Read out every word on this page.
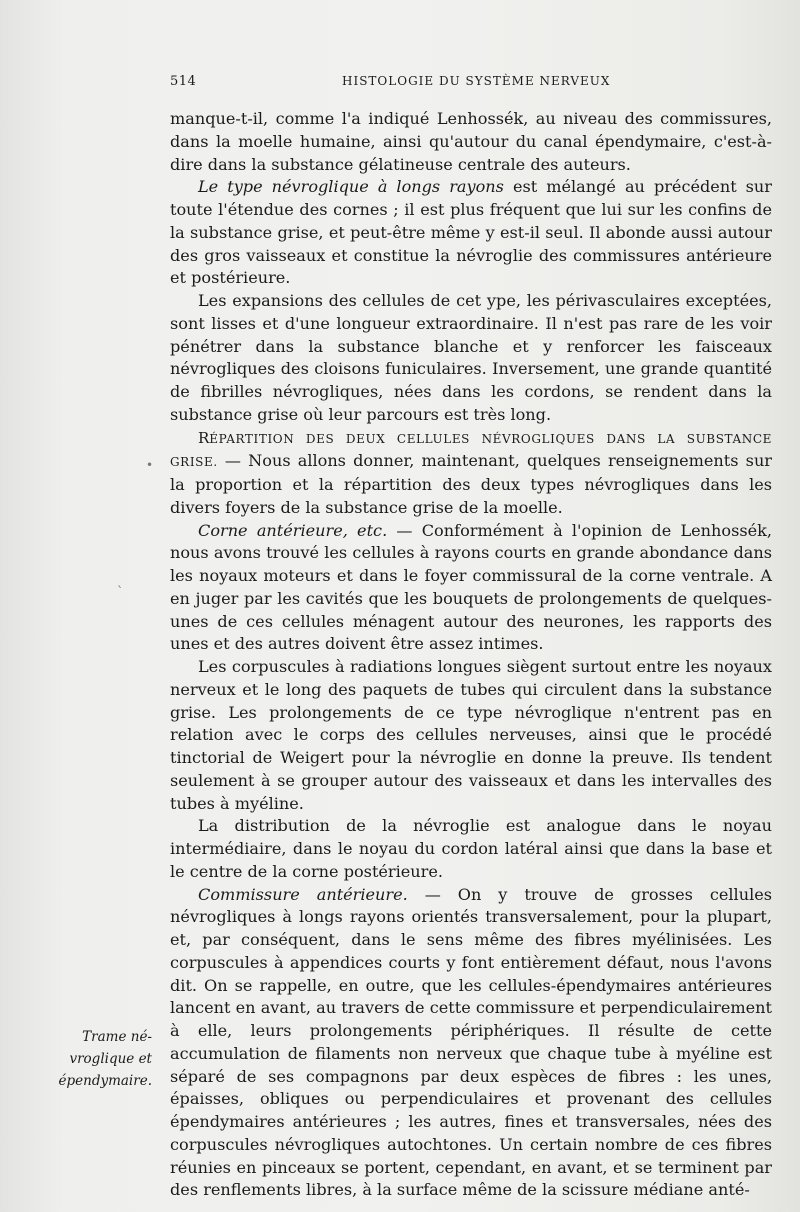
514	HISTOLOGIE DU SYSTÈME NERVEUX
Trame né-
vroglique et
épendymaire.
•
ˋ

manque-t-il, comme l'a indiqué Lenhossék, au niveau des commissures, dans la moelle humaine, ainsi qu'autour du canal épendymaire, c'est-à-dire dans la substance gélatineuse centrale des auteurs.

Le type névroglique à longs rayons est mélangé au précédent sur toute l'étendue des cornes ; il est plus fréquent que lui sur les confins de la substance grise, et peut-être même y est-il seul. Il abonde aussi autour des gros vaisseaux et constitue la névroglie des commissures antérieure et postérieure.

Les expansions des cellules de cet ype, les périvasculaires exceptées, sont lisses et d'une longueur extraordinaire. Il n'est pas rare de les voir pénétrer dans la substance blanche et y renforcer les faisceaux névrogliques des cloisons funiculaires. Inversement, une grande quantité de fibrilles névrogliques, nées dans les cordons, se rendent dans la substance grise où leur parcours est très long.

RÉPARTITION DES DEUX CELLULES NÉVROGLIQUES DANS LA SUBSTANCE GRISE. — Nous allons donner, maintenant, quelques renseignements sur la proportion et la répartition des deux types névrogliques dans les divers foyers de la substance grise de la moelle.

Corne antérieure, etc. — Conformément à l'opinion de Lenhossék, nous avons trouvé les cellules à rayons courts en grande abondance dans les noyaux moteurs et dans le foyer commissural de la corne ventrale. A en juger par les cavités que les bouquets de prolongements de quelques-unes de ces cellules ménagent autour des neurones, les rapports des unes et des autres doivent être assez intimes.

Les corpuscules à radiations longues siègent surtout entre les noyaux nerveux et le long des paquets de tubes qui circulent dans la substance grise. Les prolongements de ce type névroglique n'entrent pas en relation avec le corps des cellules nerveuses, ainsi que le procédé tinctorial de Weigert pour la névroglie en donne la preuve. Ils tendent seulement à se grouper autour des vaisseaux et dans les intervalles des tubes à myéline.

La distribution de la névroglie est analogue dans le noyau intermédiaire, dans le noyau du cordon latéral ainsi que dans la base et le centre de la corne postérieure.

Commissure antérieure. — On y trouve de grosses cellules névrogliques à longs rayons orientés transversalement, pour la plupart, et, par conséquent, dans le sens même des fibres myélinisées. Les corpuscules à appendices courts y font entièrement défaut, nous l'avons dit. On se rappelle, en outre, que les cellules-épendymaires antérieures lancent en avant, au travers de cette commissure et perpendiculairement à elle, leurs prolongements périphériques. Il résulte de cette accumulation de filaments non nerveux que chaque tube à myéline est séparé de ses compagnons par deux espèces de fibres : les unes, épaisses, obliques ou perpendiculaires et provenant des cellules épendymaires antérieures ; les autres, fines et transversales, nées des corpuscules névrogliques autochtones. Un certain nombre de ces fibres réunies en pinceaux se portent, cependant, en avant, et se terminent par des renflements libres, à la surface même de la scissure médiane anté-
